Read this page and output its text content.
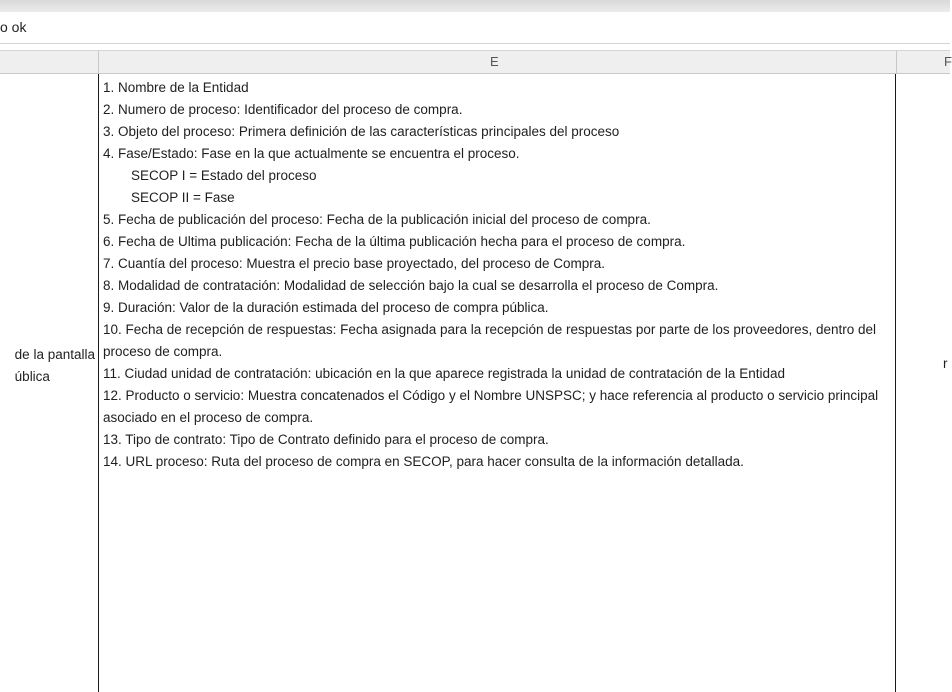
o ok
E	F
de la pantalla
ública
1. Nombre de la Entidad
2. Numero de proceso: Identificador del proceso de compra.
3. Objeto del proceso: Primera definición de las características principales del proceso
4. Fase/Estado: Fase en la que actualmente se encuentra el proceso.
SECOP I = Estado del proceso
SECOP II = Fase
5. Fecha de publicación del proceso: Fecha de la publicación inicial del proceso de compra.
6. Fecha de Ultima publicación: Fecha de la última publicación hecha para el proceso de compra.
7. Cuantía del proceso: Muestra el precio base proyectado, del proceso de Compra.
8. Modalidad de contratación: Modalidad de selección bajo la cual se desarrolla el proceso de Compra.
9. Duración: Valor de la duración estimada del proceso de compra pública.
10. Fecha de recepción de respuestas: Fecha asignada para la recepción de respuestas por parte de los proveedores, dentro del proceso de compra.
11. Ciudad unidad de contratación: ubicación en la que aparece registrada la unidad de contratación de la Entidad
12. Producto o servicio: Muestra concatenados el Código y el Nombre UNSPSC; y hace referencia al producto o servicio principal asociado en el proceso de compra.
13. Tipo de contrato: Tipo de Contrato definido para el proceso de compra.
14. URL proceso: Ruta del proceso de compra en SECOP, para hacer consulta de la información detallada.
r
